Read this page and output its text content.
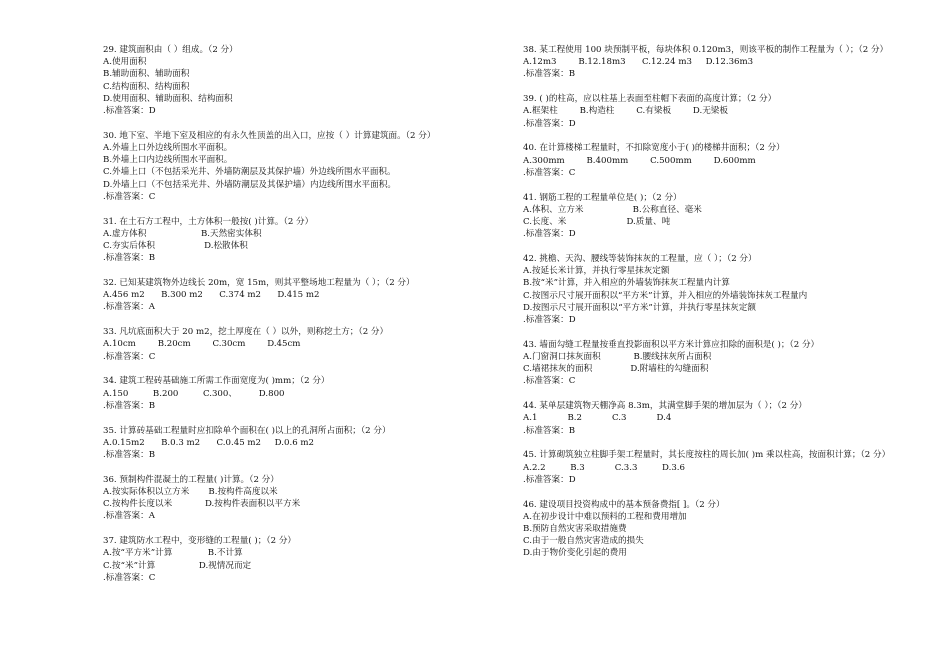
29. 建筑面积由（ ）组成。（2 分）
A.使用面积
B.辅助面积、辅助面积
C.结构面积、结构面积
D.使用面积、辅助面积、结构面积
.标准答案：D
30. 地下室、半地下室及相应的有永久性顶盖的出入口，应按（ ）计算建筑面。（2 分）
A.外墙上口外边线所围水平面积。
B.外墙上口内边线所围水平面积。
C.外墙上口（不包括采光井、外墙防潮层及其保护墙）外边线所围水平面积。
D.外墙上口（不包括采光井、外墙防潮层及其保护墙）内边线所围水平面积。
.标准答案：C
31. 在土石方工程中，土方体积一般按( )计算。（2 分）
A.虚方体积                    B.天然密实体积
C.夯实后体积                  D.松散体积
.标准答案：B
32. 已知某建筑物外边线长 20m，宽 15m，则其平整场地工程量为（ ）；（2 分）
A.456 m2      B.300 m2      C.374 m2      D.415 m2
.标准答案：A
33. 凡坑底面积大于 20 m2，挖土厚度在（ ）以外，则称挖土方；（2 分）
A.10cm        B.20cm        C.30cm        D.45cm
.标准答案：C
34. 建筑工程砖基础施工所需工作面宽度为( )mm；（2 分）
A.150         B.200         C.300、        D.800
.标准答案：B
35. 计算砖基础工程量时应扣除单个面积在( )以上的孔洞所占面积；（2 分）
A.0.15m2      B.0.3 m2      C.0.45 m2     D.0.6 m2
.标准答案：B
36. 预制构件混凝土的工程量( )计算。（2 分）
A.按实际体积以立方米       B.按构件高度以米
C.按构件长度以米            D.按构件表面积以平方米
.标准答案：A
37. 建筑防水工程中，变形缝的工程量( )；（2 分）
A.按“平方米”计算             B.不计算
C.按“米”计算                D.视情况而定
.标准答案：C
38. 某工程使用 100 块预制平板，每块体积 0.120m3，则该平板的制作工程量为（ ）；（2 分）
A.12m3        B.12.18m3      C.12.24 m3     D.12.36m3
.标准答案：B
39. ( )的柱高，应以柱基上表面至柱帽下表面的高度计算；（2 分）
A.框架柱        B.构造柱        C.有梁板        D.无梁板
.标准答案：D
40. 在计算楼梯工程量时，不扣除宽度小于( )的楼梯井面积；（2 分）
A.300mm        B.400mm        C.500mm        D.600mm
.标准答案：C
41. 钢筋工程的工程量单位是( )；（2 分）
A.体积、立方米                  B.公称直径、毫米
C.长度、米                      D.质量、吨
.标准答案：D
42. 挑檐、天沟、腰线等装饰抹灰的工程量，应（ ）；（2 分）
A.按延长米计算，并执行零星抹灰定额
B.按“米”计算，并入相应的外墙装饰抹灰工程量内计算
C.按图示尺寸展开面积以“平方米”计算，并入相应的外墙装饰抹灰工程量内
D.按图示尺寸展开面积以“平方米”计算，并执行零星抹灰定额
.标准答案：D
43. 墙面勾缝工程量按垂直投影面积以平方米计算应扣除的面积是( )；（2 分）
A.门窗洞口抹灰面积            B.腰线抹灰所占面积
C.墙裙抹灰的面积              D.附墙柱的勾缝面积
.标准答案：C
44. 某单层建筑物天棚净高 8.3m，其满堂脚手架的增加层为（ ）；（2 分）
A.1           B.2           C.3           D.4
.标准答案：B
45. 计算砌筑独立柱脚手架工程量时，其长度按柱的周长加( )m 乘以柱高，按面积计算；（2 分）
A.2.2         B.3           C.3.3         D.3.6
.标准答案：D
46. 建设项目投资构成中的基本预备费指[ ]。（2 分）
A.在初步设计中难以预料的工程和费用增加
B.预防自然灾害采取措施费
C.由于一般自然灾害造成的损失
D.由于物价变化引起的费用
